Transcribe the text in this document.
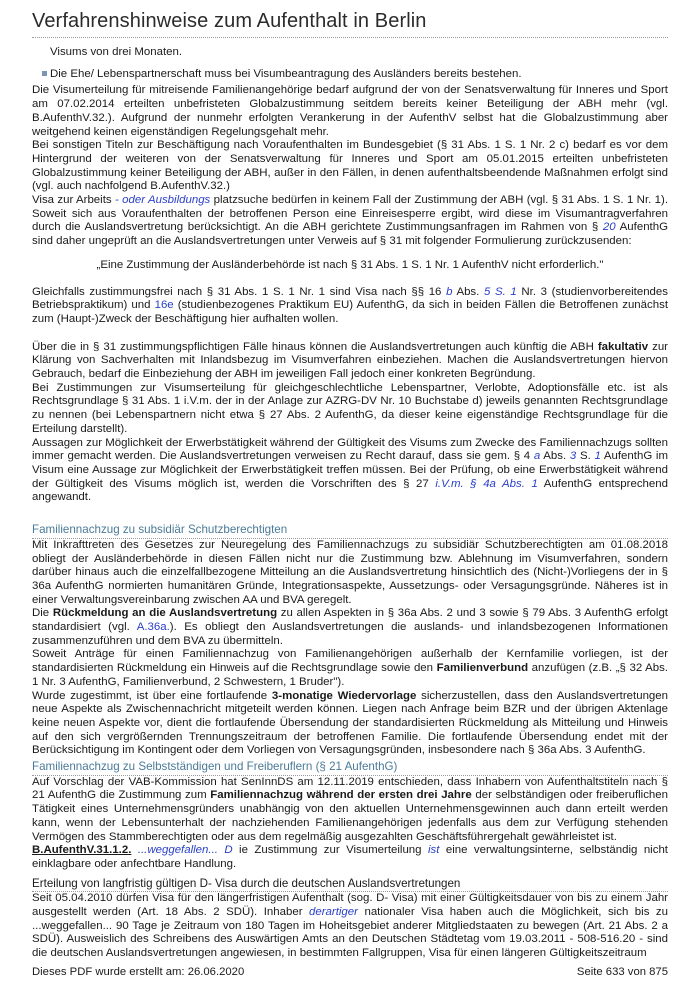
Verfahrenshinweise zum Aufenthalt in Berlin

Visums von drei Monaten.

Die Ehe/ Lebenspartnerschaft muss bei Visumbeantragung des Ausländers bereits bestehen.

Die Visumerteilung für mitreisende Familienangehörige bedarf aufgrund der von der Senatsverwaltung für Inneres und Sport am 07.02.2014 erteilten unbefristeten Globalzustimmung seitdem bereits keiner Beteiligung der ABH mehr (vgl. B.AufenthV.32.). Aufgrund der nunmehr erfolgten Verankerung in der AufenthV selbst hat die Globalzustimmung aber weitgehend keinen eigenständigen Regelungsgehalt mehr.

Bei sonstigen Titeln zur Beschäftigung nach Voraufenthalten im Bundesgebiet (§ 31 Abs. 1 S. 1 Nr. 2 c) bedarf es vor dem Hintergrund der weiteren von der Senatsverwaltung für Inneres und Sport am 05.01.2015 erteilten unbefristeten Globalzustimmung keiner Beteiligung der ABH, außer in den Fällen, in denen aufenthaltsbeendende Maßnahmen erfolgt sind (vgl. auch nachfolgend B.AufenthV.32.)

Visa zur Arbeits - oder Ausbildungs platzsuche bedürfen in keinem Fall der Zustimmung der ABH (vgl. § 31 Abs. 1 S. 1 Nr. 1). Soweit sich aus Voraufenthalten der betroffenen Person eine Einreisesperre ergibt, wird diese im Visumantragverfahren durch die Auslandsvertretung berücksichtigt. An die ABH gerichtete Zustimmungsanfragen im Rahmen von § 20 AufenthG sind daher ungeprüft an die Auslandsvertretungen unter Verweis auf § 31 mit folgender Formulierung zurückzusenden:

„Eine Zustimmung der Ausländerbehörde ist nach § 31 Abs. 1 S. 1 Nr. 1 AufenthV nicht erforderlich."

Gleichfalls zustimmungsfrei nach § 31 Abs. 1 S. 1 Nr. 1 sind Visa nach §§ 16 b Abs. 5 S. 1 Nr. 3 (studienvorbereitendes Betriebspraktikum) und 16e (studienbezogenes Praktikum EU) AufenthG, da sich in beiden Fällen die Betroffenen zunächst zum (Haupt-)Zweck der Beschäftigung hier aufhalten wollen.

Über die in § 31 zustimmungspflichtigen Fälle hinaus können die Auslandsvertretungen auch künftig die ABH fakultativ zur Klärung von Sachverhalten mit Inlandsbezug im Visumverfahren einbeziehen. Machen die Auslandsvertretungen hiervon Gebrauch, bedarf die Einbeziehung der ABH im jeweiligen Fall jedoch einer konkreten Begründung.

Bei Zustimmungen zur Visumserteilung für gleichgeschlechtliche Lebenspartner, Verlobte, Adoptionsfälle etc. ist als Rechtsgrundlage § 31 Abs. 1 i.V.m. der in der Anlage zur AZRG-DV Nr. 10 Buchstabe d) jeweils genannten Rechtsgrundlage zu nennen (bei Lebenspartnern nicht etwa § 27 Abs. 2 AufenthG, da dieser keine eigenständige Rechtsgrundlage für die Erteilung darstellt).

Aussagen zur Möglichkeit der Erwerbstätigkeit während der Gültigkeit des Visums zum Zwecke des Familiennachzugs sollten immer gemacht werden. Die Auslandsvertretungen verweisen zu Recht darauf, dass sie gem. § 4 a Abs. 3 S. 1 AufenthG im Visum eine Aussage zur Möglichkeit der Erwerbstätigkeit treffen müssen. Bei der Prüfung, ob eine Erwerbstätigkeit während der Gültigkeit des Visums möglich ist, werden die Vorschriften des § 27 i.V.m. § 4a Abs. 1 AufenthG entsprechend angewandt.

Familiennachzug zu subsidiär Schutzberechtigten

Mit Inkrafttreten des Gesetzes zur Neuregelung des Familiennachzugs zu subsidiär Schutzberechtigten am 01.08.2018 obliegt der Ausländerbehörde in diesen Fällen nicht nur die Zustimmung bzw. Ablehnung im Visumverfahren, sondern darüber hinaus auch die einzelfallbezogene Mitteilung an die Auslandsvertretung hinsichtlich des (Nicht-)Vorliegens der in § 36a AufenthG normierten humanitären Gründe, Integrationsaspekte, Aussetzungs- oder Versagungsgründe. Näheres ist in einer Verwaltungsvereinbarung zwischen AA und BVA geregelt.

Die Rückmeldung an die Auslandsvertretung zu allen Aspekten in § 36a Abs. 2 und 3 sowie § 79 Abs. 3 AufenthG erfolgt standardisiert (vgl. A.36a.). Es obliegt den Auslandsvertretungen die auslands- und inlandsbezogenen Informationen zusammenzuführen und dem BVA zu übermitteln.

Soweit Anträge für einen Familiennachzug von Familienangehörigen außerhalb der Kernfamilie vorliegen, ist der standardisierten Rückmeldung ein Hinweis auf die Rechtsgrundlage sowie den Familienverbund anzufügen (z.B. „§ 32 Abs. 1 Nr. 3 AufenthG, Familienverbund, 2 Schwestern, 1 Bruder").

Wurde zugestimmt, ist über eine fortlaufende 3-monatige Wiedervorlage sicherzustellen, dass den Auslandsvertretungen neue Aspekte als Zwischennachricht mitgeteilt werden können. Liegen nach Anfrage beim BZR und der übrigen Aktenlage keine neuen Aspekte vor, dient die fortlaufende Übersendung der standardisierten Rückmeldung als Mitteilung und Hinweis auf den sich vergrößernden Trennungszeitraum der betroffenen Familie. Die fortlaufende Übersendung endet mit der Berücksichtigung im Kontingent oder dem Vorliegen von Versagungsgründen, insbesondere nach § 36a Abs. 3 AufenthG.

Familiennachzug zu Selbstständigen und Freiberuflern (§ 21 AufenthG)

Auf Vorschlag der VAB-Kommission hat SenInnDS am 12.11.2019 entschieden, dass Inhabern von Aufenthaltstiteln nach § 21 AufenthG die Zustimmung zum Familiennachzug während der ersten drei Jahre der selbständigen oder freiberuflichen Tätigkeit eines Unternehmensgründers unabhängig von den aktuellen Unternehmensgewinnen auch dann erteilt werden kann, wenn der Lebensunterhalt der nachziehenden Familienangehörigen jedenfalls aus dem zur Verfügung stehenden Vermögen des Stammberechtigten oder aus dem regelmäßig ausgezahlten Geschäftsführergehalt gewährleistet ist.

B.AufenthV.31.1.2. ...weggefallen... D ie Zustimmung zur Visumerteilung ist eine verwaltungsinterne, selbständig nicht einklagbare oder anfechtbare Handlung.

Erteilung von langfristig gültigen D- Visa durch die deutschen Auslandsvertretungen

Seit 05.04.2010 dürfen Visa für den längerfristigen Aufenthalt (sog. D- Visa) mit einer Gültigkeitsdauer von bis zu einem Jahr ausgestellt werden (Art. 18 Abs. 2 SDÜ). Inhaber derartiger nationaler Visa haben auch die Möglichkeit, sich bis zu ...weggefallen... 90 Tage je Zeitraum von 180 Tagen im Hoheitsgebiet anderer Mitgliedstaaten zu bewegen (Art. 21 Abs. 2 a SDÜ). Ausweislich des Schreibens des Auswärtigen Amts an den Deutschen Städtetag vom 19.03.2011 - 508-516.20 - sind die deutschen Auslandsvertretungen angewiesen, in bestimmten Fallgruppen, Visa für einen längeren Gültigkeitszeitraum

Dieses PDF wurde erstellt am: 26.06.2020	Seite 633 von 875
